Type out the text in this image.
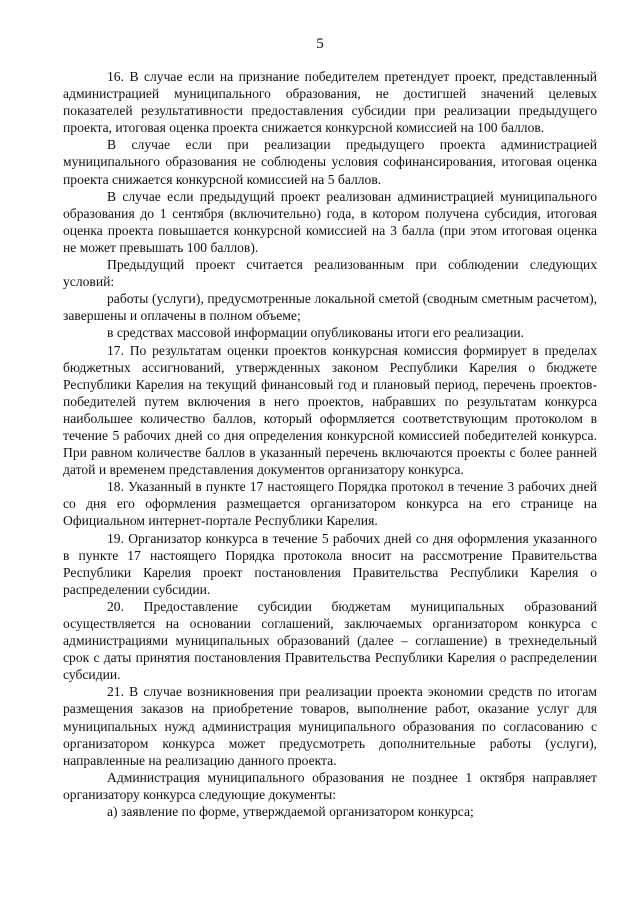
5

16. В случае если на признание победителем претендует проект, представленный администрацией муниципального образования, не достигшей значений целевых показателей результативности предоставления субсидии при реализации предыдущего проекта, итоговая оценка проекта снижается конкурсной комиссией на 100 баллов.

В случае если при реализации предыдущего проекта администрацией муниципального образования не соблюдены условия софинансирования, итоговая оценка проекта снижается конкурсной комиссией на 5 баллов.

В случае если предыдущий проект реализован администрацией муниципального образования до 1 сентября (включительно) года, в котором получена субсидия, итоговая оценка проекта повышается конкурсной комиссией на 3 балла (при этом итоговая оценка не может превышать 100 баллов).

Предыдущий проект считается реализованным при соблюдении следующих условий:

работы (услуги), предусмотренные локальной сметой (сводным сметным расчетом), завершены и оплачены в полном объеме;

в средствах массовой информации опубликованы итоги его реализации.

17. По результатам оценки проектов конкурсная комиссия формирует в пределах бюджетных ассигнований, утвержденных законом Республики Карелия о бюджете Республики Карелия на текущий финансовый год и плановый период, перечень проектов-победителей путем включения в него проектов, набравших по результатам конкурса наибольшее количество баллов, который оформляется соответствующим протоколом в течение 5 рабочих дней со дня определения конкурсной комиссией победителей конкурса. При равном количестве баллов в указанный перечень включаются проекты с более ранней датой и временем представления документов организатору конкурса.

18. Указанный в пункте 17 настоящего Порядка протокол в течение 3 рабочих дней со дня его оформления размещается организатором конкурса на его странице на Официальном интернет-портале Республики Карелия.

19. Организатор конкурса в течение 5 рабочих дней со дня оформления указанного в пункте 17 настоящего Порядка протокола вносит на рассмотрение Правительства Республики Карелия проект постановления Правительства Республики Карелия о распределении субсидии.

20. Предоставление субсидии бюджетам муниципальных образований осуществляется на основании соглашений, заключаемых организатором конкурса с администрациями муниципальных образований (далее – соглашение) в трехнедельный срок с даты принятия постановления Правительства Республики Карелия о распределении субсидии.

21. В случае возникновения при реализации проекта экономии средств по итогам размещения заказов на приобретение товаров, выполнение работ, оказание услуг для муниципальных нужд администрация муниципального образования по согласованию с организатором конкурса может предусмотреть дополнительные работы (услуги), направленные на реализацию данного проекта.

Администрация муниципального образования не позднее 1 октября направляет организатору конкурса следующие документы:

а) заявление по форме, утверждаемой организатором конкурса;
